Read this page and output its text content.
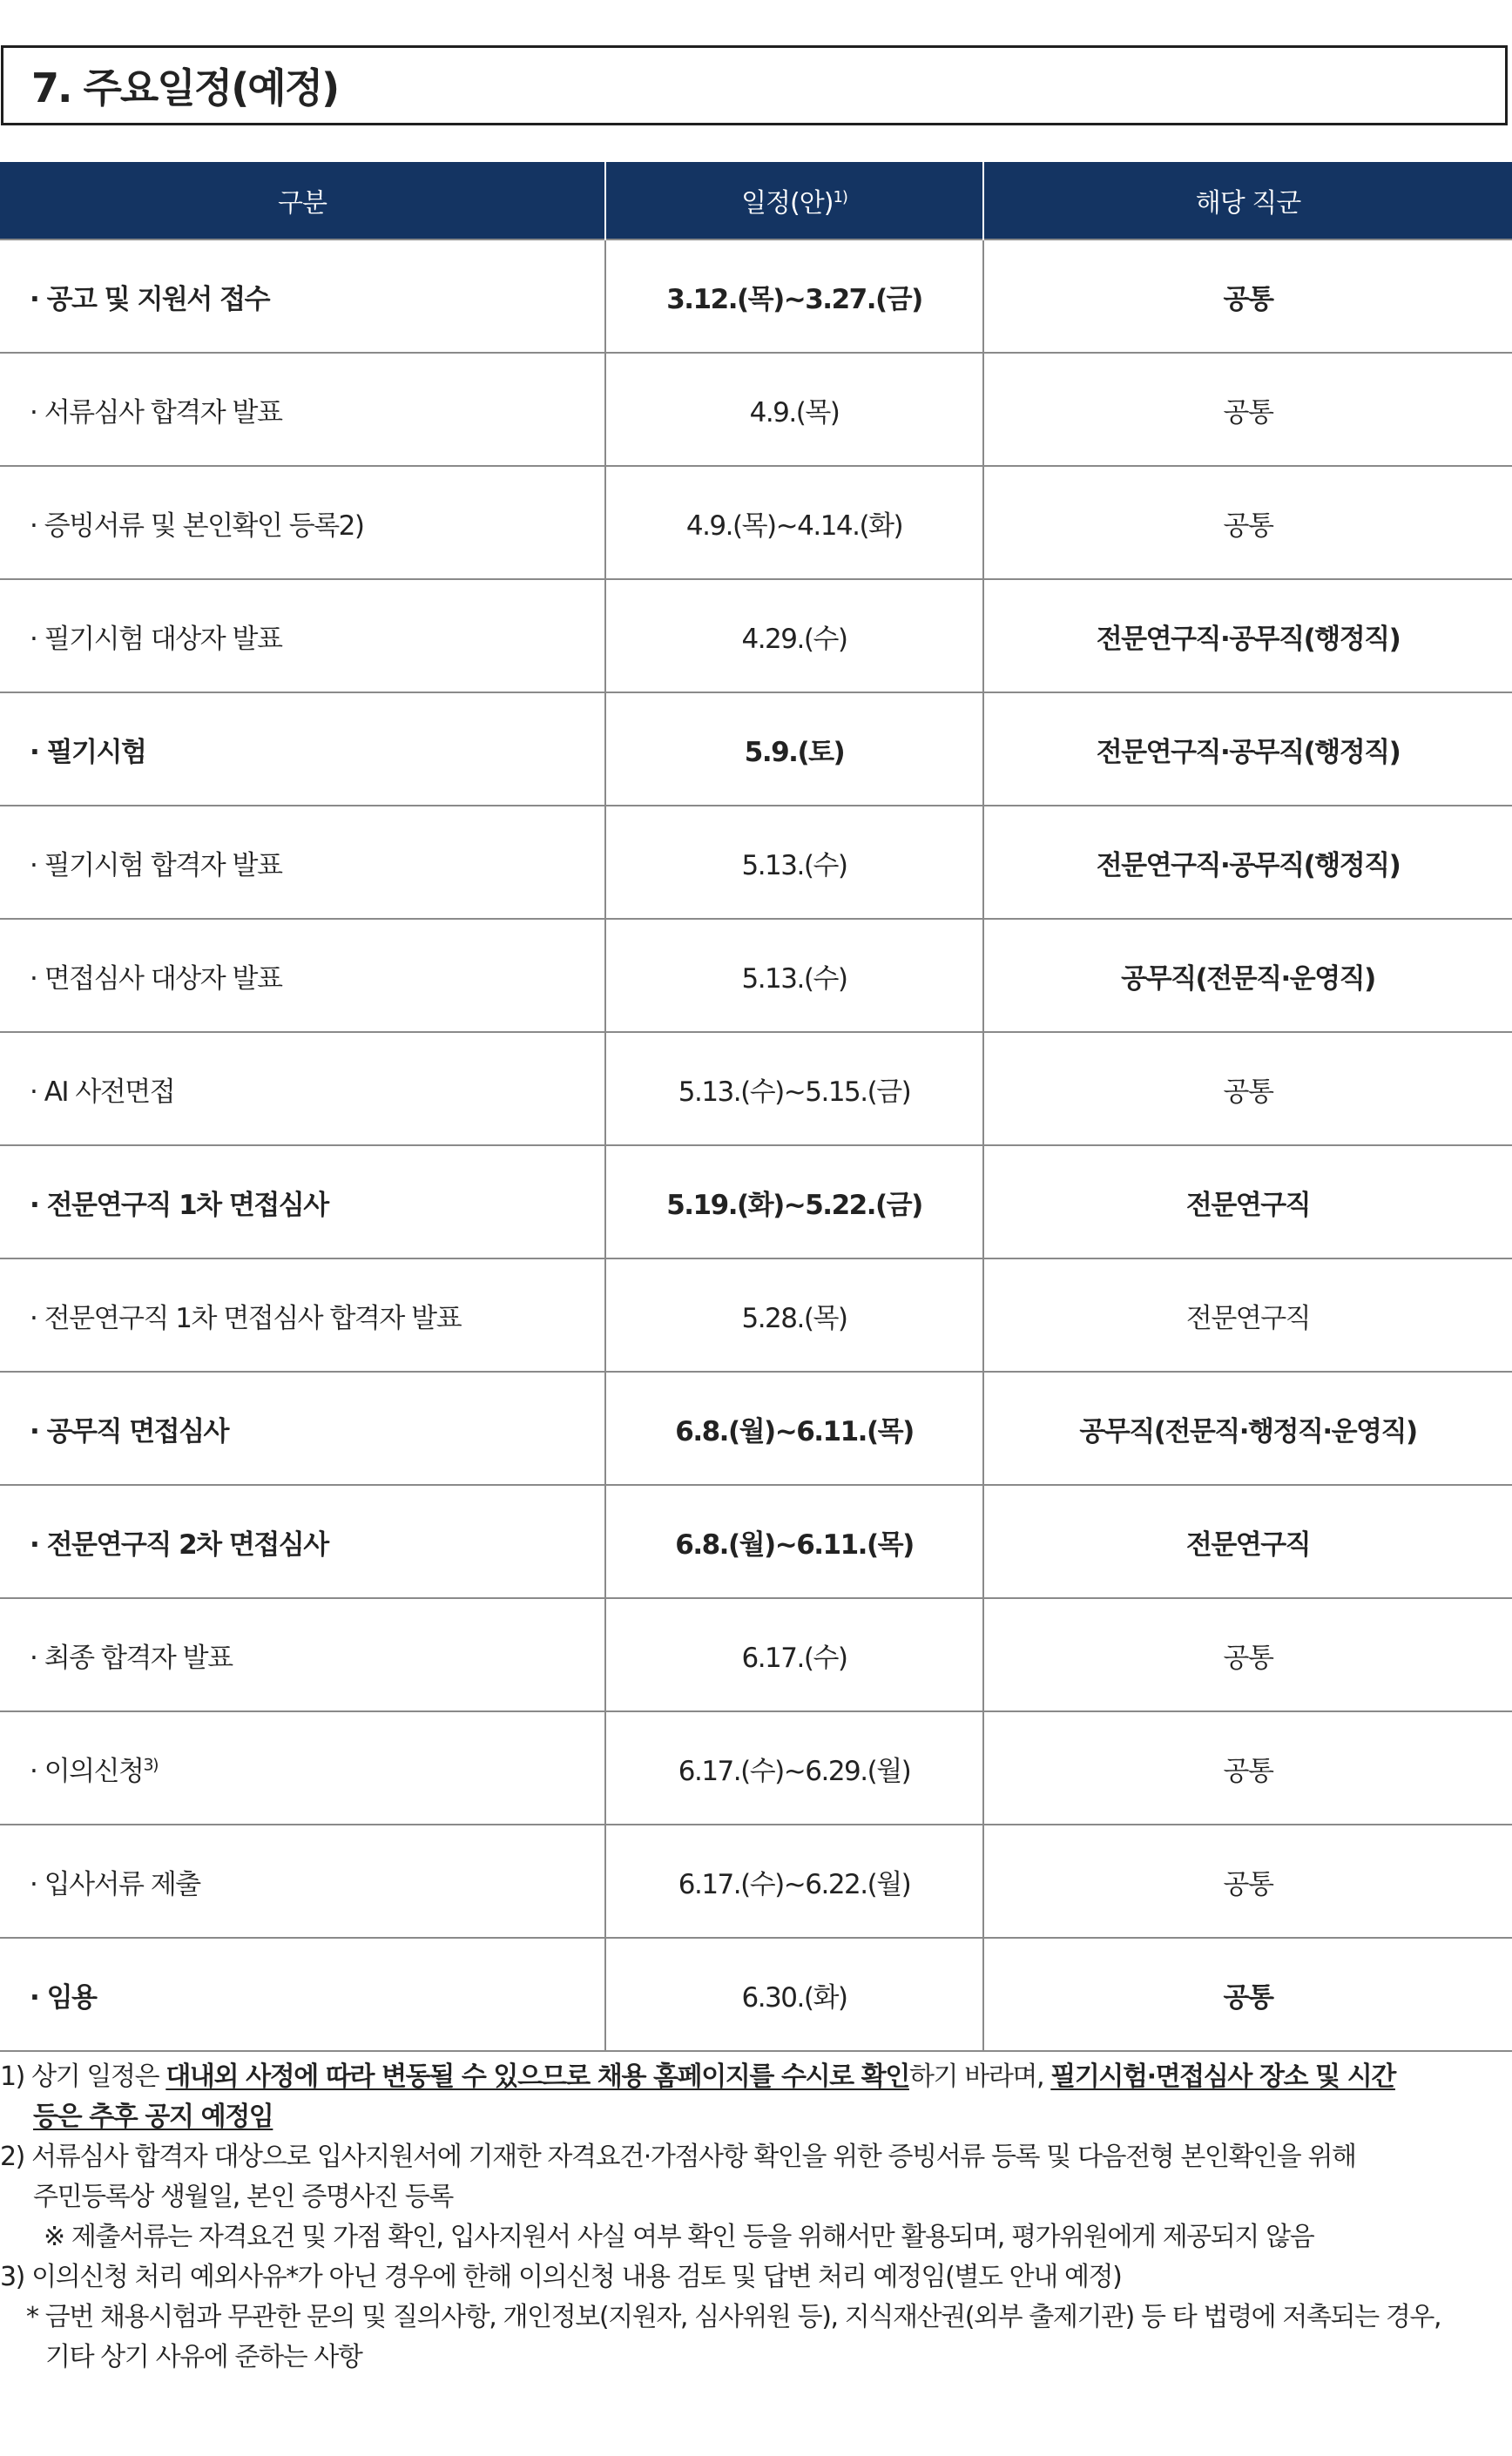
7. 주요일정(예정)
구분	일정(안)$^{1)}$	해당 직군
· 공고 및 지원서 접수	3.12.(목)~3.27.(금)	공통
· 서류심사 합격자 발표	4.9.(목)	공통
· 증빙서류 및 본인확인 등록2)	4.9.(목)~4.14.(화)	공통
· 필기시험 대상자 발표	4.29.(수)	전문연구직·공무직(행정직)
· 필기시험	5.9.(토)	전문연구직·공무직(행정직)
· 필기시험 합격자 발표	5.13.(수)	전문연구직·공무직(행정직)
· 면접심사 대상자 발표	5.13.(수)	공무직(전문직·운영직)
· AI 사전면접	5.13.(수)~5.15.(금)	공통
· 전문연구직 1차 면접심사	5.19.(화)~5.22.(금)	전문연구직
· 전문연구직 1차 면접심사 합격자 발표	5.28.(목)	전문연구직
· 공무직 면접심사	6.8.(월)~6.11.(목)	공무직(전문직·행정직·운영직)
· 전문연구직 2차 면접심사	6.8.(월)~6.11.(목)	전문연구직
· 최종 합격자 발표	6.17.(수)	공통
· 이의신청$^{3)}$	6.17.(수)~6.29.(월)	공통
· 입사서류 제출	6.17.(수)~6.22.(월)	공통
· 임용	6.30.(화)	공통
1) 상기 일정은 대내외 사정에 따라 변동될 수 있으므로 채용 홈페이지를 수시로 확인하기 바라며, 필기시험·면접심사 장소 및 시간
등은 추후 공지 예정임
2) 서류심사 합격자 대상으로 입사지원서에 기재한 자격요건·가점사항 확인을 위한 증빙서류 등록 및 다음전형 본인확인을 위해
주민등록상 생월일, 본인 증명사진 등록
※ 제출서류는 자격요건 및 가점 확인, 입사지원서 사실 여부 확인 등을 위해서만 활용되며, 평가위원에게 제공되지 않음
3) 이의신청 처리 예외사유*가 아닌 경우에 한해 이의신청 내용 검토 및 답변 처리 예정임(별도 안내 예정)
* 금번 채용시험과 무관한 문의 및 질의사항, 개인정보(지원자, 심사위원 등), 지식재산권(외부 출제기관) 등 타 법령에 저촉되는 경우,
기타 상기 사유에 준하는 사항
